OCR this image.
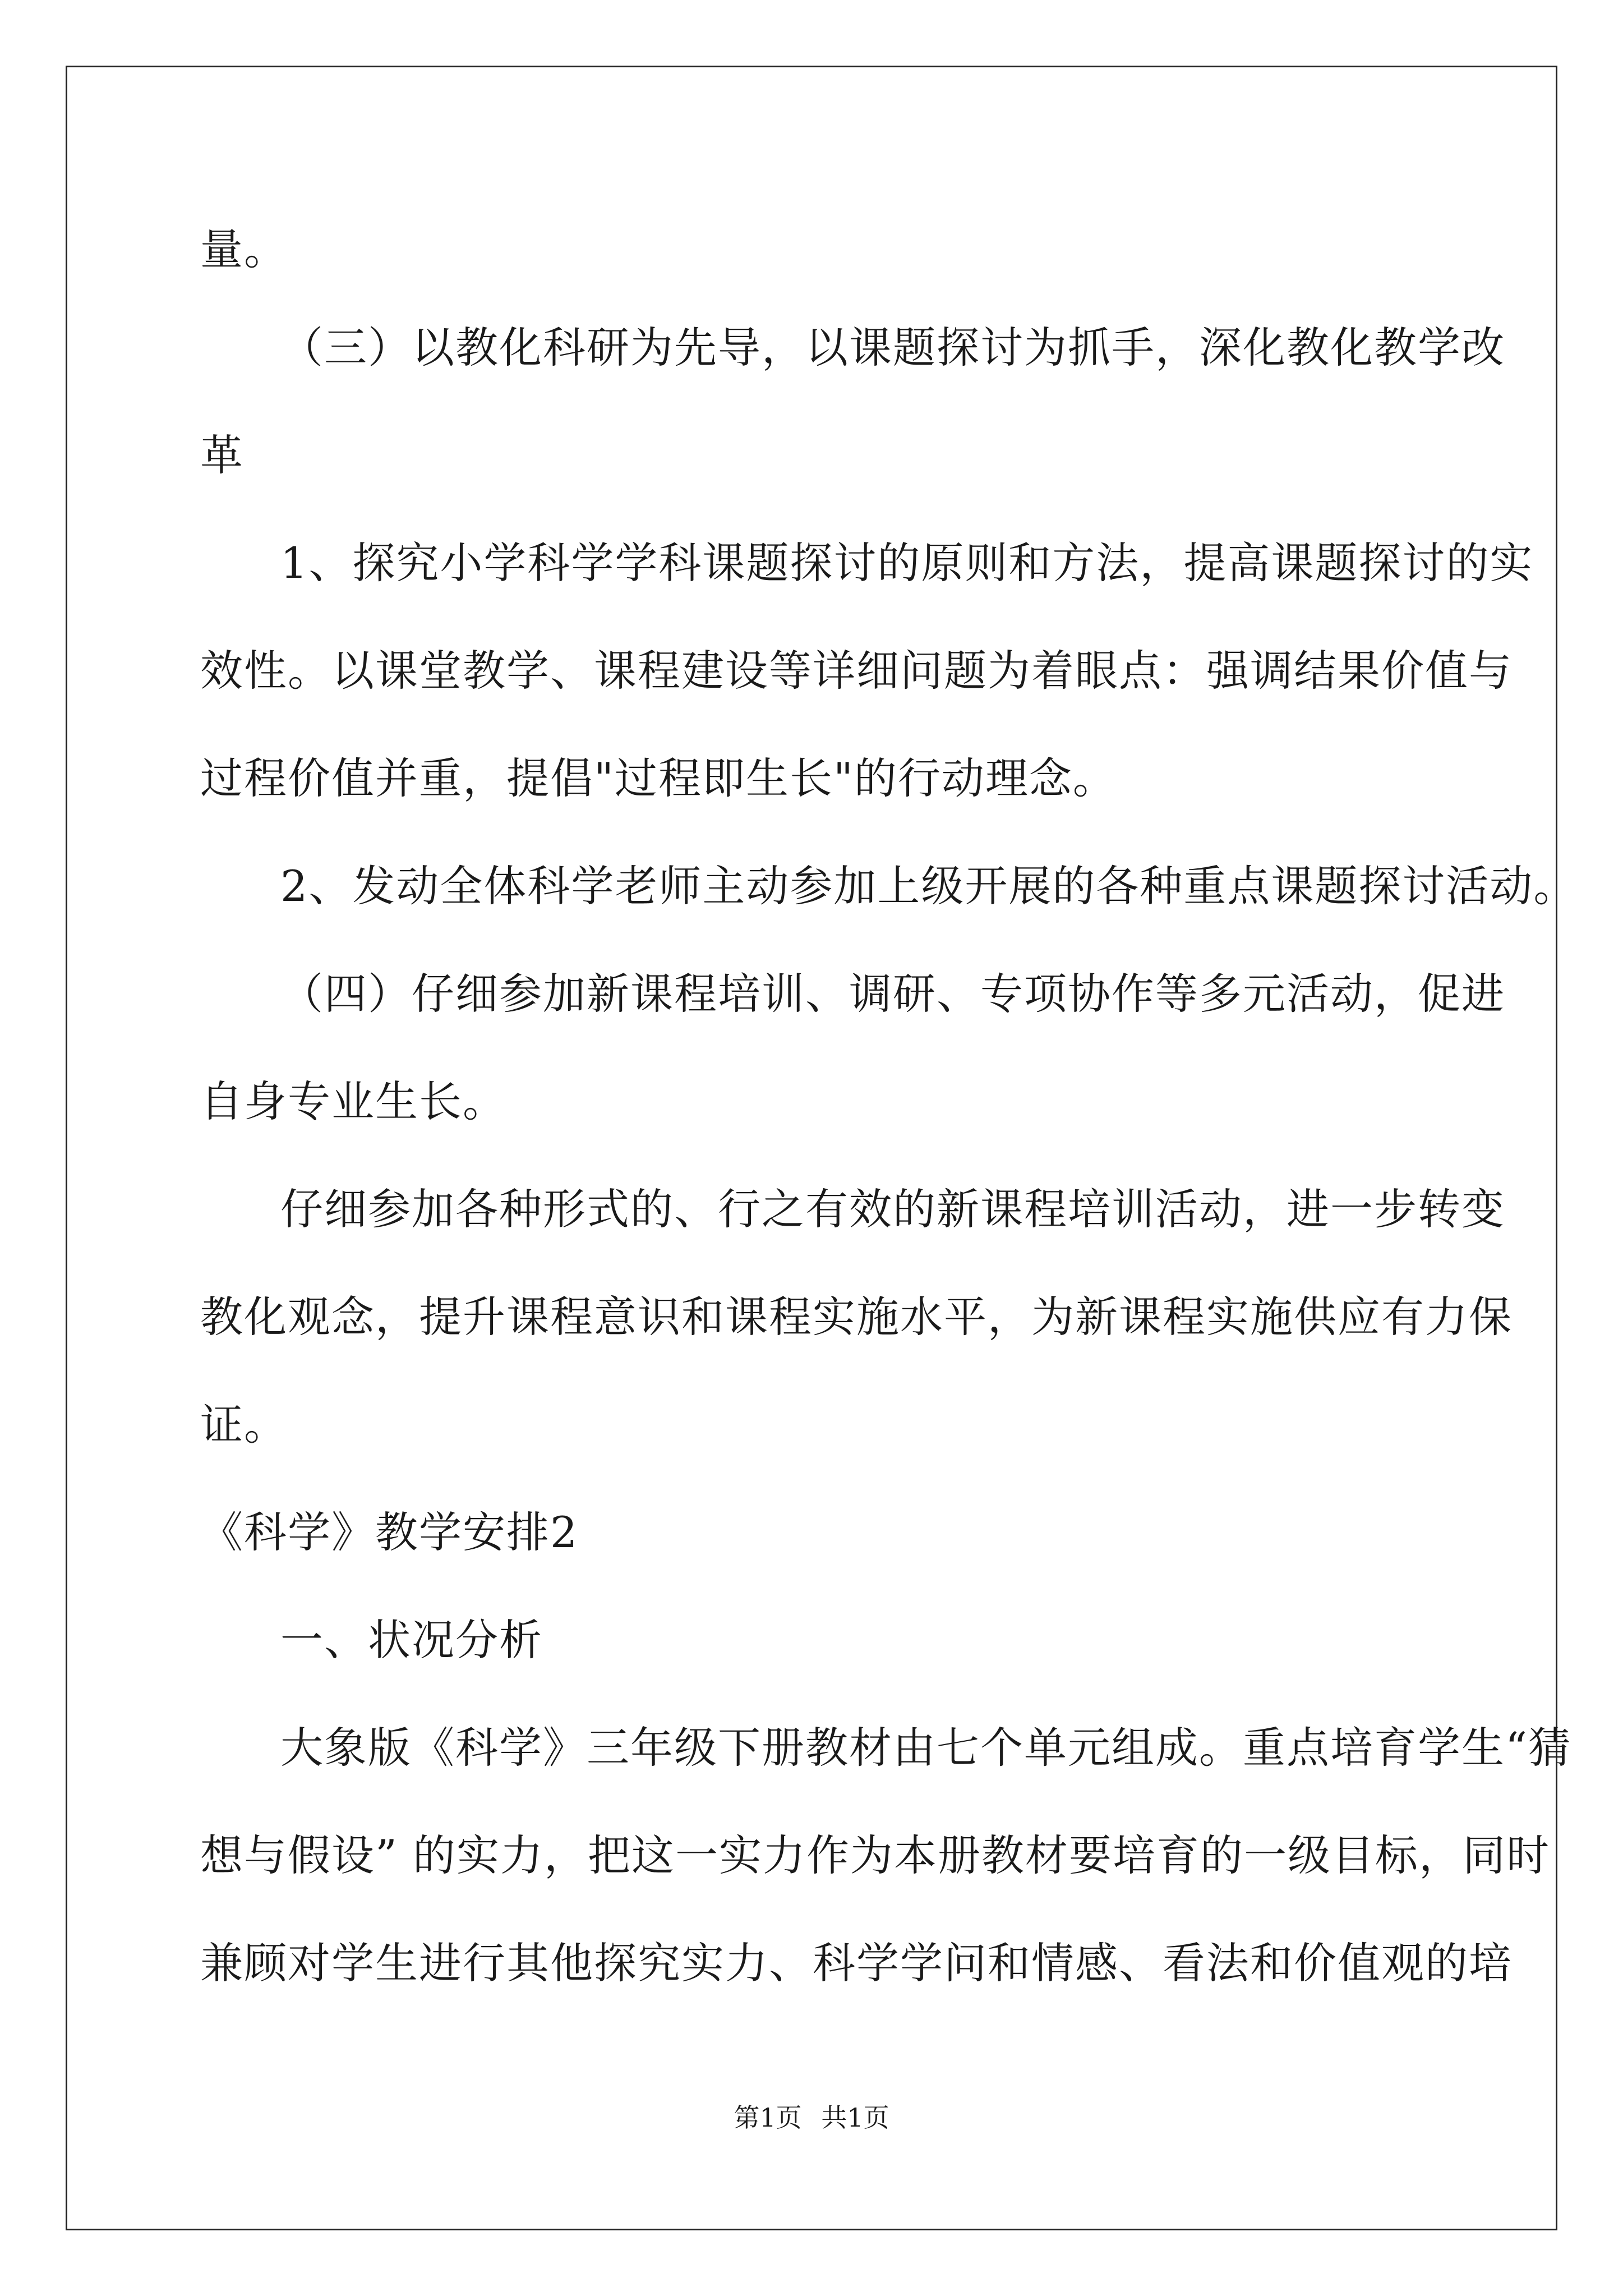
量。
（三）以教化科研为先导，以课题探讨为抓手，深化教化教学改
革
1、探究小学科学学科课题探讨的原则和方法，提高课题探讨的实
效性。以课堂教学、课程建设等详细问题为着眼点：强调结果价值与
过程价值并重，提倡"过程即生长"的行动理念。
2、发动全体科学老师主动参加上级开展的各种重点课题探讨活动。
（四）仔细参加新课程培训、调研、专项协作等多元活动，促进
自身专业生长。
仔细参加各种形式的、行之有效的新课程培训活动，进一步转变
教化观念，提升课程意识和课程实施水平，为新课程实施供应有力保
证。
《科学》教学安排2
一、状况分析
大象版《科学》三年级下册教材由七个单元组成。重点培育学生“猜
想与假设” 的实力，把这一实力作为本册教材要培育的一级目标，同时
兼顾对学生进行其他探究实力、科学学问和情感、看法和价值观的培
第1页 共1页
